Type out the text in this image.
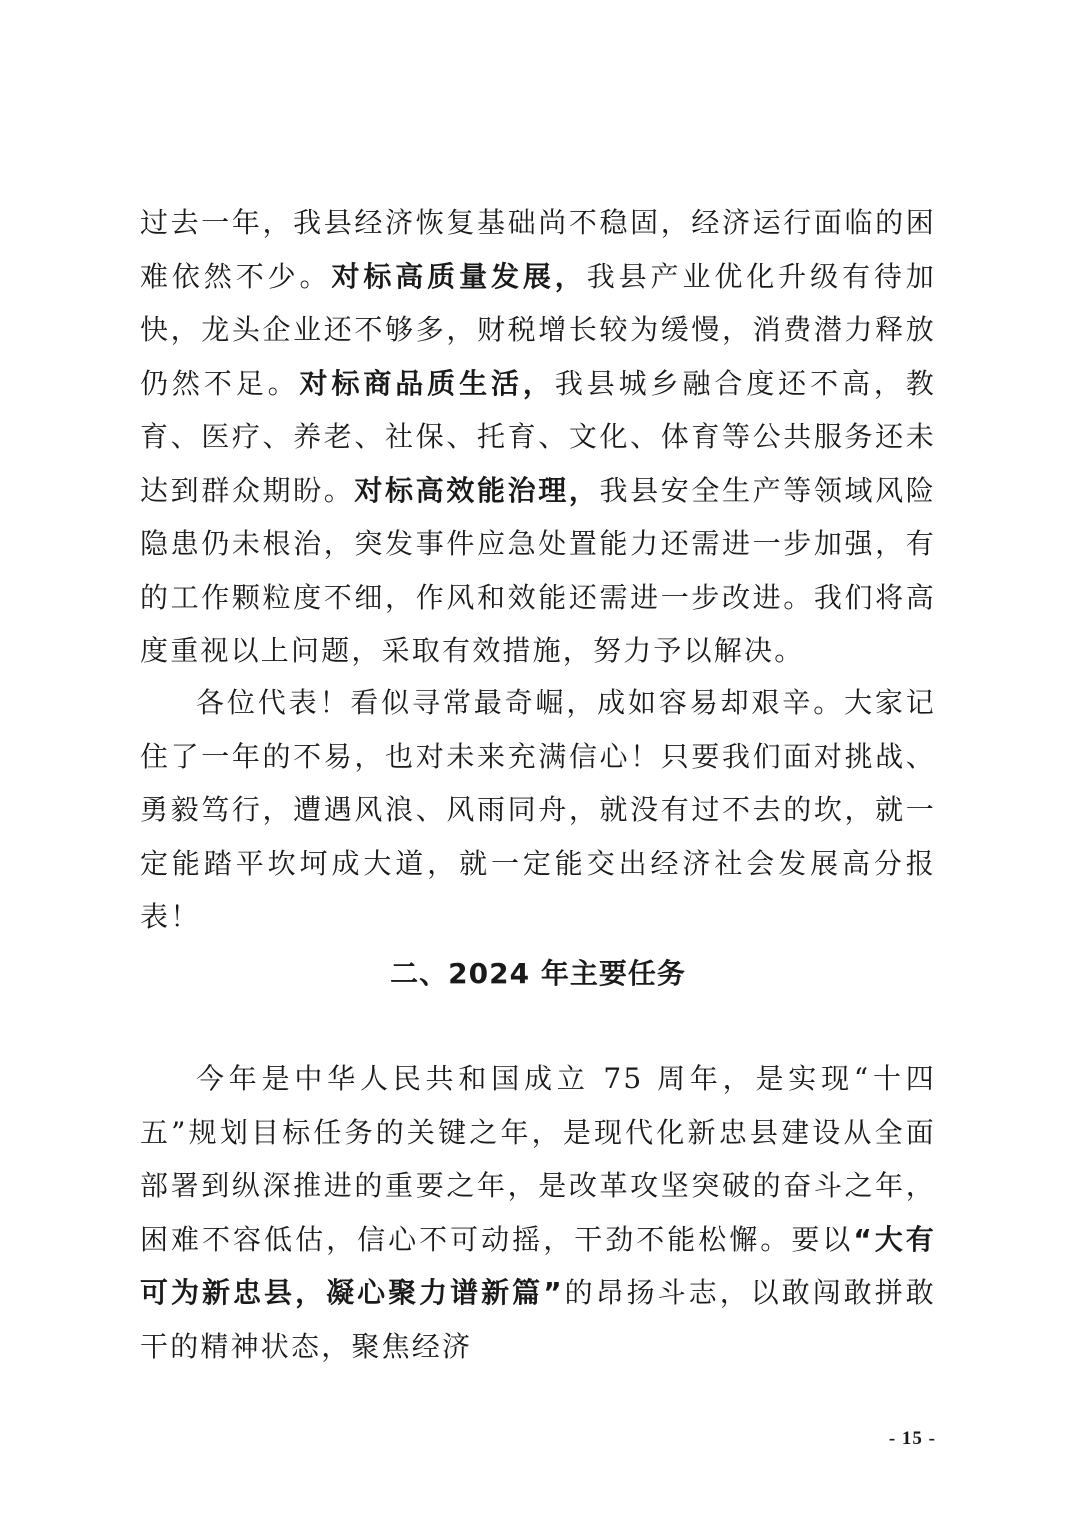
过去一年，我县经济恢复基础尚不稳固，经济运行面临的困难依然不少。对标高质量发展，我县产业优化升级有待加快，龙头企业还不够多，财税增长较为缓慢，消费潜力释放仍然不足。对标商品质生活，我县城乡融合度还不高，教育、医疗、养老、社保、托育、文化、体育等公共服务还未达到群众期盼。对标高效能治理，我县安全生产等领域风险隐患仍未根治，突发事件应急处置能力还需进一步加强，有的工作颗粒度不细，作风和效能还需进一步改进。我们将高度重视以上问题，采取有效措施，努力予以解决。

各位代表！看似寻常最奇崛，成如容易却艰辛。大家记住了一年的不易，也对未来充满信心！只要我们面对挑战、勇毅笃行，遭遇风浪、风雨同舟，就没有过不去的坎，就一定能踏平坎坷成大道，就一定能交出经济社会发展高分报表！

二、2024 年主要任务

今年是中华人民共和国成立 75 周年，是实现“十四五”规划目标任务的关键之年，是现代化新忠县建设从全面部署到纵深推进的重要之年，是改革攻坚突破的奋斗之年，困难不容低估，信心不可动摇，干劲不能松懈。要以“大有可为新忠县，凝心聚力谱新篇”的昂扬斗志，以敢闯敢拼敢干的精神状态，聚焦经济

- 15 -
